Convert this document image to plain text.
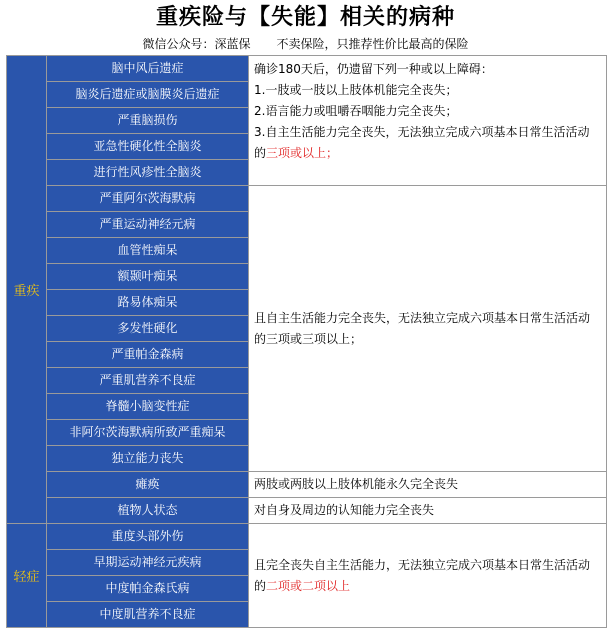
重疾险与【失能】相关的病种
微信公众号：深蓝保 不卖保险，只推荐性价比最高的保险
重疾	脑中风后遗症	确诊180天后，仍遗留下列一种或以上障碍：
1.一肢或一肢以上肢体机能完全丧失；
2.语言能力或咀嚼吞咽能力完全丧失；
3.自主生活能力完全丧失，无法独立完成六项基本日常生活活动的三项或以上；
	脑炎后遗症或脑膜炎后遗症	
	严重脑损伤	
	亚急性硬化性全脑炎	
	进行性风疹性全脑炎	
	严重阿尔茨海默病	且自主生活能力完全丧失，无法独立完成六项基本日常生活活动的三项或三项以上；
	严重运动神经元病	
	血管性痴呆	
	额颞叶痴呆	
	路易体痴呆	
	多发性硬化	
	严重帕金森病	
	严重肌营养不良症	
	脊髓小脑变性症	
	非阿尔茨海默病所致严重痴呆	
	独立能力丧失	
	瘫痪	两肢或两肢以上肢体机能永久完全丧失
	植物人状态	对自身及周边的认知能力完全丧失
轻症	重度头部外伤	且完全丧失自主生活能力，无法独立完成六项基本日常生活活动的二项或二项以上
	早期运动神经元疾病	
	中度帕金森氏病	
	中度肌营养不良症	
